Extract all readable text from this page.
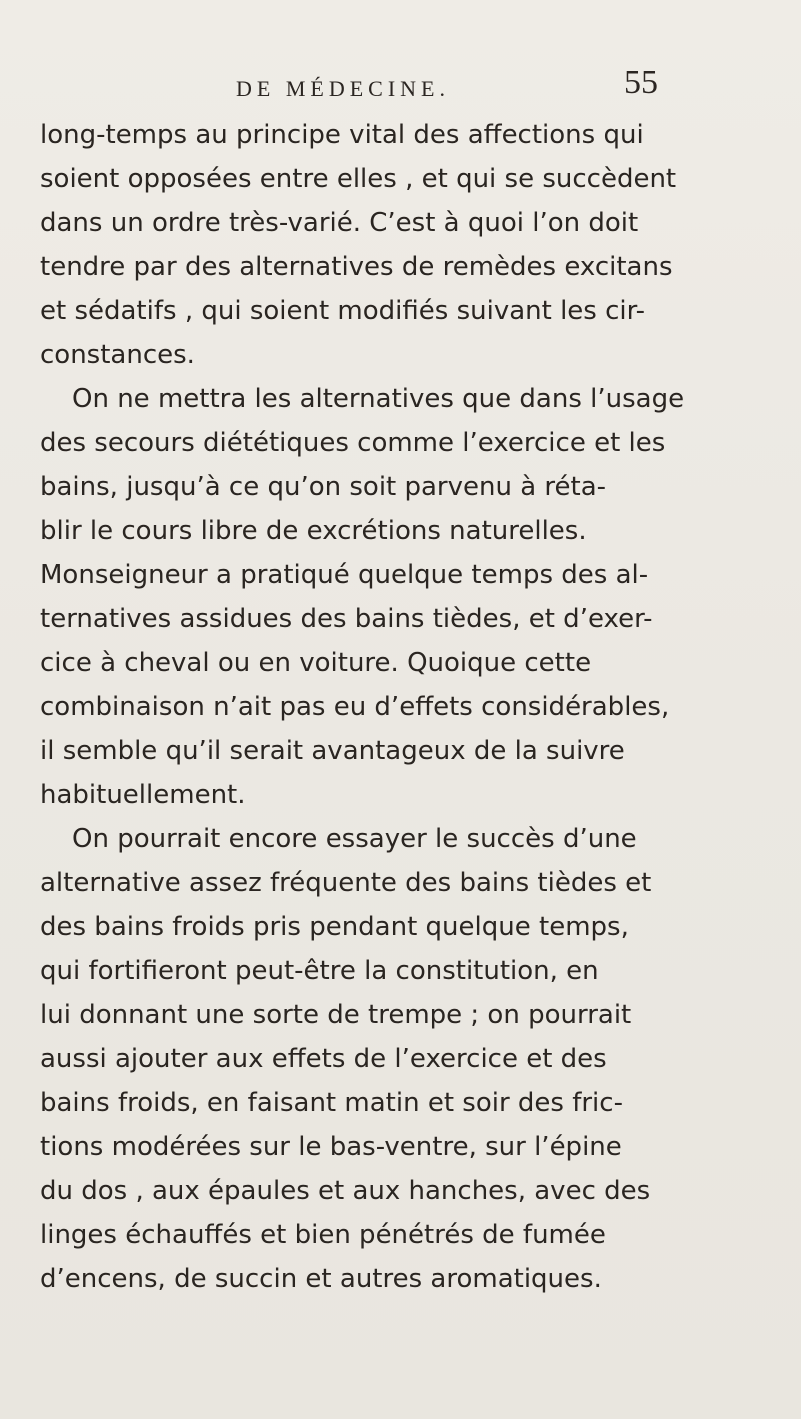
DE MÉDECINE.	55
long-temps au principe vital des affections qui
soient opposées entre elles , et qui se succèdent
dans un ordre très-varié. C’est à quoi l’on doit
tendre par des alternatives de remèdes excitans
et sédatifs , qui soient modifiés suivant les cir-
constances.
On ne mettra les alternatives que dans l’usage
des secours diététiques comme l’exercice et les
bains, jusqu’à ce qu’on soit parvenu à réta-
blir le cours libre de excrétions naturelles.
Monseigneur a pratiqué quelque temps des al-
ternatives assidues des bains tièdes, et d’exer-
cice à cheval ou en voiture. Quoique cette
combinaison n’ait pas eu d’effets considérables,
il semble qu’il serait avantageux de la suivre
habituellement.
On pourrait encore essayer le succès d’une
alternative assez fréquente des bains tièdes et
des bains froids pris pendant quelque temps,
qui fortifieront peut-être la constitution, en
lui donnant une sorte de trempe ; on pourrait
aussi ajouter aux effets de l’exercice et des
bains froids, en faisant matin et soir des fric-
tions modérées sur le bas-ventre, sur l’épine
du dos , aux épaules et aux hanches, avec des
linges échauffés et bien pénétrés de fumée
d’encens, de succin et autres aromatiques.
